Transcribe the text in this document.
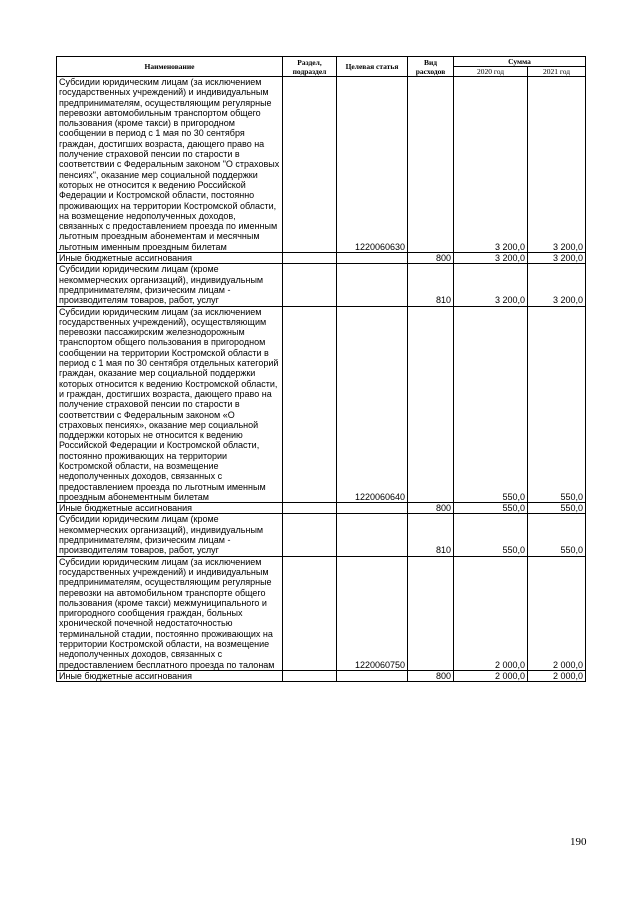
Наименование	Раздел, подраздел	Целевая статья	Вид расходов	Сумма	
				2020 год	2021 год
Субсидии юридическим лицам (за исключением государственных учреждений) и индивидуальным предпринимателям, осуществляющим регулярные перевозки автомобильным транспортом общего пользования (кроме такси) в пригородном сообщении в период с 1 мая по 30 сентября граждан, достигших возраста, дающего право на получение страховой пенсии по старости в соответствии с Федеральным законом "О страховых пенсиях", оказание мер социальной поддержки которых не относится к ведению Российской Федерации и Костромской области, постоянно проживающих на территории Костромской области, на возмещение недополученных доходов, связанных с предоставлением проезда по именным льготным проездным абонементам и месячным льготным именным проездным билетам		1220060630		3 200,0	3 200,0
Иные бюджетные ассигнования			800	3 200,0	3 200,0
Субсидии юридическим лицам (кроме некоммерческих организаций), индивидуальным предпринимателям, физическим лицам - производителям товаров, работ, услуг			810	3 200,0	3 200,0
Субсидии юридическим лицам (за исключением государственных учреждений), осуществляющим перевозки пассажирским железнодорожным транспортом общего пользования в пригородном сообщении на территории Костромской области в период с 1 мая по 30 сентября отдельных категорий граждан, оказание мер социальной поддержки которых относится к ведению Костромской области, и граждан, достигших возраста, дающего право на получение страховой пенсии по старости в соответствии с Федеральным законом «О страховых пенсиях», оказание мер социальной поддержки которых не относится к ведению Российской Федерации и Костромской области, постоянно проживающих на территории Костромской области, на возмещение недополученных доходов, связанных с предоставлением проезда по льготным именным проездным абонементным билетам		1220060640		550,0	550,0
Иные бюджетные ассигнования			800	550,0	550,0
Субсидии юридическим лицам (кроме некоммерческих организаций), индивидуальным предпринимателям, физическим лицам - производителям товаров, работ, услуг			810	550,0	550,0
Субсидии юридическим лицам (за исключением государственных учреждений) и индивидуальным предпринимателям, осуществляющим регулярные перевозки на автомобильном транспорте общего пользования (кроме такси) межмуниципального и пригородного сообщения граждан, больных хронической почечной недостаточностью терминальной стадии, постоянно проживающих на территории Костромской области, на возмещение недополученных доходов, связанных с предоставлением бесплатного проезда по талонам		1220060750		2 000,0	2 000,0
Иные бюджетные ассигнования			800	2 000,0	2 000,0
190
